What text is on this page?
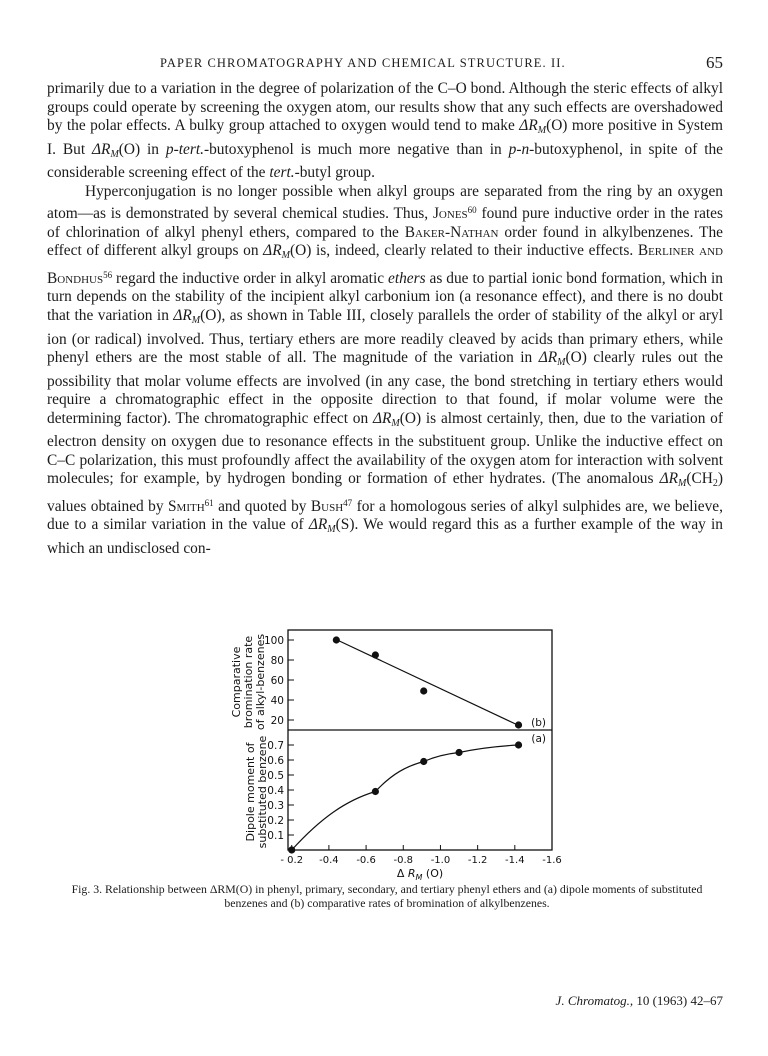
PAPER CHROMATOGRAPHY AND CHEMICAL STRUCTURE. II.	65

primarily due to a variation in the degree of polarization of the C–O bond. Although the steric effects of alkyl groups could operate by screening the oxygen atom, our results show that any such effects are overshadowed by the polar effects. A bulky group attached to oxygen would tend to make $\Delta R_M(O)$ more positive in System I. But $\Delta R_M(O)$ in p-tert.-butoxyphenol is much more negative than in p-n-butoxyphenol, in spite of the considerable screening effect of the tert.-butyl group.

Hyperconjugation is no longer possible when alkyl groups are separated from the ring by an oxygen atom—as is demonstrated by several chemical studies. Thus, Jones$^{60}$ found pure inductive order in the rates of chlorination of alkyl phenyl ethers, compared to the Baker-Nathan order found in alkylbenzenes. The effect of different alkyl groups on $\Delta R_M(O)$ is, indeed, clearly related to their inductive effects. Berliner and Bondhus$^{56}$ regard the inductive order in alkyl aromatic ethers as due to partial ionic bond formation, which in turn depends on the stability of the incipient alkyl carbonium ion (a resonance effect), and there is no doubt that the variation in $\Delta R_M(O)$, as shown in Table III, closely parallels the order of stability of the alkyl or aryl ion (or radical) involved. Thus, tertiary ethers are more readily cleaved by acids than primary ethers, while phenyl ethers are the most stable of all. The magnitude of the variation in $\Delta R_M(O)$ clearly rules out the possibility that molar volume effects are involved (in any case, the bond stretching in tertiary ethers would require a chromatographic effect in the opposite direction to that found, if molar volume were the determining factor). The chromatographic effect on $\Delta R_M(O)$ is almost certainly, then, due to the variation of electron density on oxygen due to resonance effects in the substituent group. Unlike the inductive effect on C–C polarization, this must profoundly affect the availability of the oxygen atom for interaction with solvent molecules; for example, by hydrogen bonding or formation of ether hydrates. (The anomalous $\Delta R_M(CH_2)$ values obtained by Smith$^{61}$ and quoted by Bush$^{47}$ for a homologous series of alkyl sulphides are, we believe, due to a similar variation in the value of $\Delta R_M(S)$. We would regard this as a further example of the way in which an undisclosed con-

100
80
60
40
20
0.7
0.6
0.5
0.4
0.3
0.2
0.1
- 0.2 -0.4 -0.6 -0.8 -1.0 -1.2 -1.4 -1.6
Δ $R_M$ (O)
Comparativebromination rateof alkyl-benzenes
Dipole moment ofsubstituted benzene
(b)
(a)
Fig. 3. Relationship between ΔRM(O) in phenyl, primary, secondary, and tertiary phenyl ethers and (a) dipole moments of substituted benzenes and (b) comparative rates of bromination of alkylbenzenes.
J. Chromatog., 10 (1963) 42–67
